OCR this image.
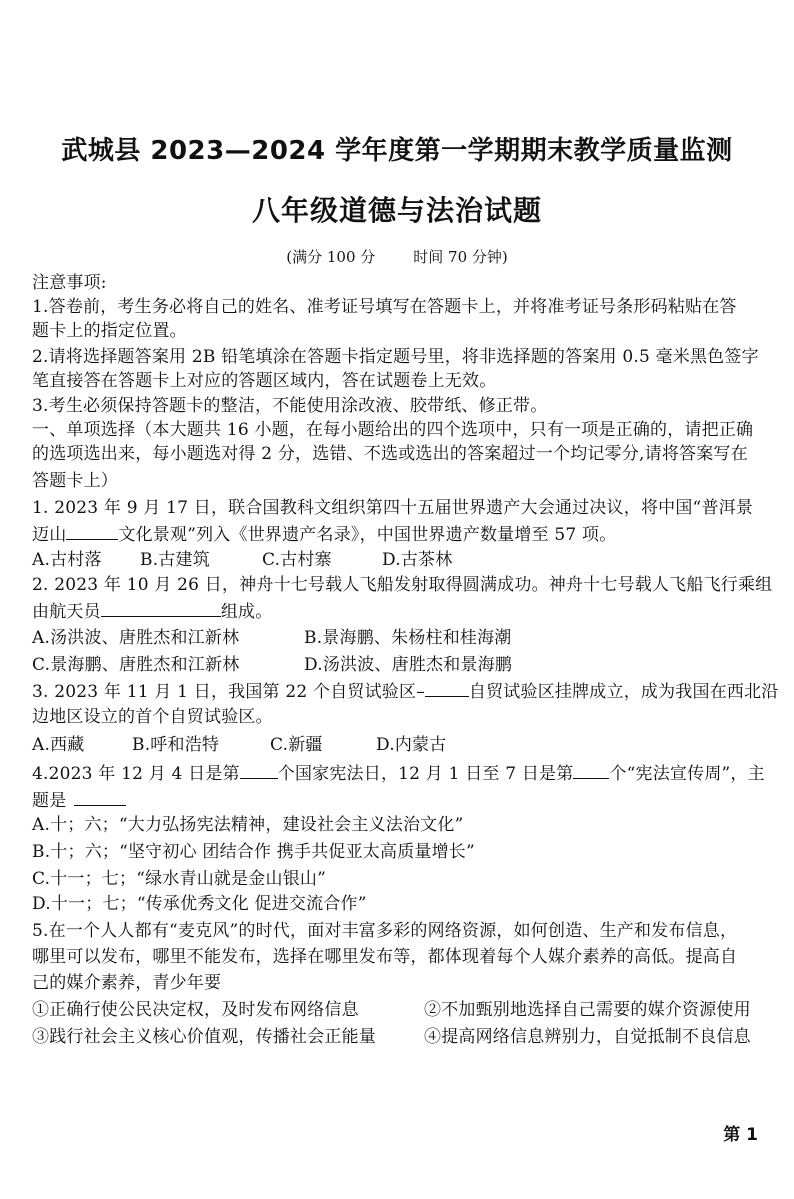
武城县 2023—2024 学年度第一学期期末教学质量监测
八年级道德与法治试题
(满分 100 分	时间 70 分钟)
注意事项:
1.答卷前，考生务必将自己的姓名、准考证号填写在答题卡上，并将准考证号条形码粘贴在答
题卡上的指定位置。
2.请将选择题答案用 2B 铅笔填涂在答题卡指定题号里，将非选择题的答案用 0.5 毫米黑色签字
笔直接答在答题卡上对应的答题区域内，答在试题卷上无效。
3.考生必须保持答题卡的整洁，不能使用涂改液、胶带纸、修正带。
一、单项选择（本大题共 16 小题，在每小题给出的四个选项中，只有一项是正确的，请把正确
的选项选出来，每小题选对得 2 分，选错、不选或选出的答案超过一个均记零分,请将答案写在
答题卡上）
1. 2023 年 9 月 17 日，联合国教科文组织第四十五届世界遗产大会通过决议，将中国“普洱景
迈山	文化景观”列入《世界遗产名录》，中国世界遗产数量增至 57 项。
A.古村落 B.古建筑	C.古村寨	D.古茶林
2. 2023 年 10 月 26 日，神舟十七号载人飞船发射取得圆满成功。神舟十七号载人飞船飞行乘组
由航天员	组成。
A.汤洪波、唐胜杰和江新林	B.景海鹏、朱杨柱和桂海潮
C.景海鹏、唐胜杰和江新林	D.汤洪波、唐胜杰和景海鹏
3. 2023 年 11 月 1 日，我国第 22 个自贸试验区–	自贸试验区挂牌成立，成为我国在西北沿
边地区设立的首个自贸试验区。
A.西藏	B.呼和浩特	C.新疆	D.内蒙古
4.2023 年 12 月 4 日是第 个国家宪法日，12 月 1 日至 7 日是第 个“宪法宣传周”，主
题是
A.十；六；“大力弘扬宪法精神，建设社会主义法治文化”
B.十；六；“坚守初心 团结合作 携手共促亚太高质量增长”
C.十一；七；“绿水青山就是金山银山”
D.十一；七；“传承优秀文化 促进交流合作”
5.在一个人人都有“麦克风”的时代，面对丰富多彩的网络资源，如何创造、生产和发布信息，
哪里可以发布，哪里不能发布，选择在哪里发布等，都体现着每个人媒介素养的高低。提高自
己的媒介素养，青少年要
①正确行使公民决定权，及时发布网络信息	②不加甄别地选择自己需要的媒介资源使用
③践行社会主义核心价值观，传播社会正能量	④提高网络信息辨别力，自觉抵制不良信息
第 1
